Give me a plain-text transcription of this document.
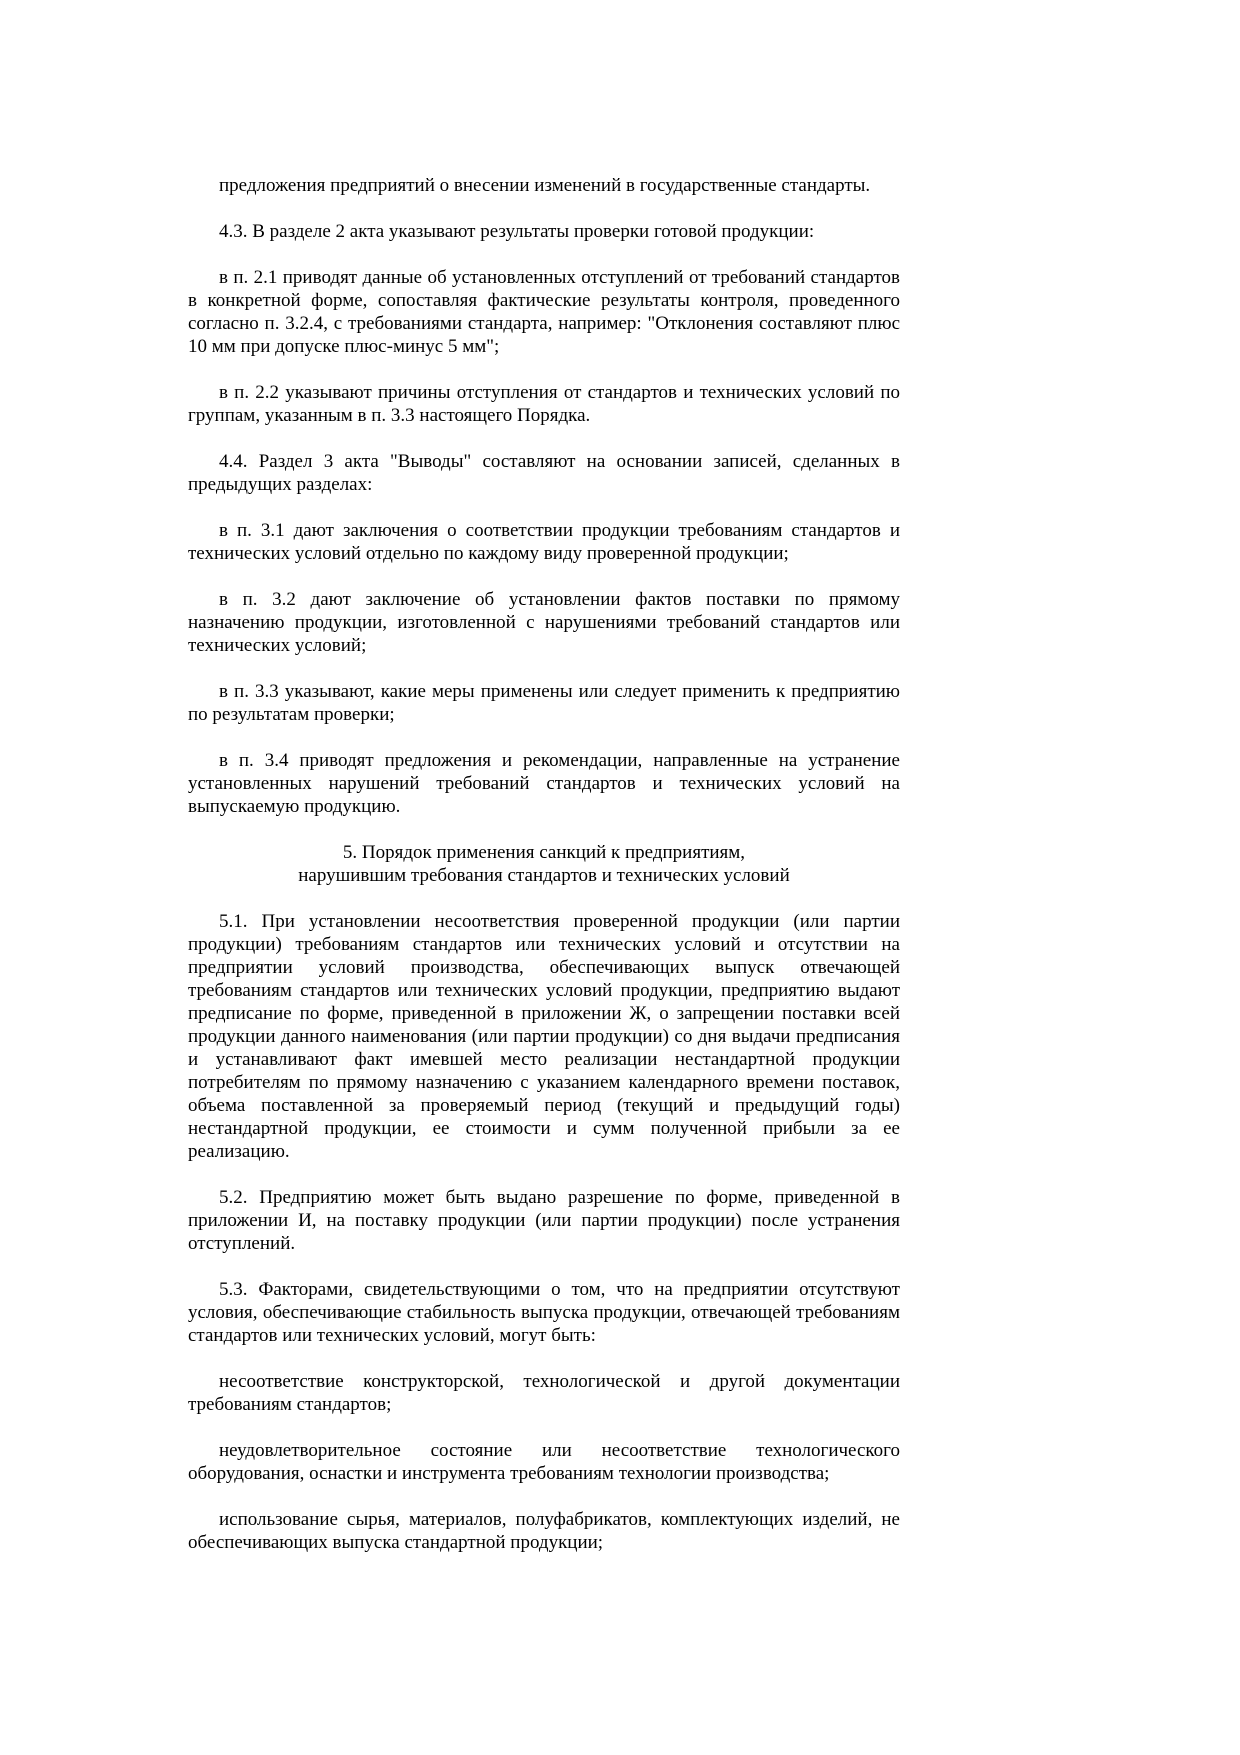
предложения предприятий о внесении изменений в государственные стандарты.

4.3. В разделе 2 акта указывают результаты проверки готовой продукции:

в п. 2.1 приводят данные об установленных отступлений от требований стандартов в конкретной форме, сопоставляя фактические результаты контроля, проведенного согласно п. 3.2.4, с требованиями стандарта, например: "Отклонения составляют плюс 10 мм при допуске плюс-минус 5 мм";

в п. 2.2 указывают причины отступления от стандартов и технических условий по группам, указанным в п. 3.3 настоящего Порядка.

4.4. Раздел 3 акта "Выводы" составляют на основании записей, сделанных в предыдущих разделах:

в п. 3.1 дают заключения о соответствии продукции требованиям стандартов и технических условий отдельно по каждому виду проверенной продукции;

в п. 3.2 дают заключение об установлении фактов поставки по прямому назначению продукции, изготовленной с нарушениями требований стандартов или технических условий;

в п. 3.3 указывают, какие меры применены или следует применить к предприятию по результатам проверки;

в п. 3.4 приводят предложения и рекомендации, направленные на устранение установленных нарушений требований стандартов и технических условий на выпускаемую продукцию.

5. Порядок применения санкций к предприятиям,
нарушившим требования стандартов и технических условий

5.1. При установлении несоответствия проверенной продукции (или партии продукции) требованиям стандартов или технических условий и отсутствии на предприятии условий производства, обеспечивающих выпуск отвечающей требованиям стандартов или технических условий продукции, предприятию выдают предписание по форме, приведенной в приложении Ж, о запрещении поставки всей продукции данного наименования (или партии продукции) со дня выдачи предписания и устанавливают факт имевшей место реализации нестандартной продукции потребителям по прямому назначению с указанием календарного времени поставок, объема поставленной за проверяемый период (текущий и предыдущий годы) нестандартной продукции, ее стоимости и сумм полученной прибыли за ее реализацию.

5.2. Предприятию может быть выдано разрешение по форме, приведенной в приложении И, на поставку продукции (или партии продукции) после устранения отступлений.

5.3. Факторами, свидетельствующими о том, что на предприятии отсутствуют условия, обеспечивающие стабильность выпуска продукции, отвечающей требованиям стандартов или технических условий, могут быть:

несоответствие конструкторской, технологической и другой документации требованиям стандартов;

неудовлетворительное состояние или несоответствие технологического оборудования, оснастки и инструмента требованиям технологии производства;

использование сырья, материалов, полуфабрикатов, комплектующих изделий, не обеспечивающих выпуска стандартной продукции;
